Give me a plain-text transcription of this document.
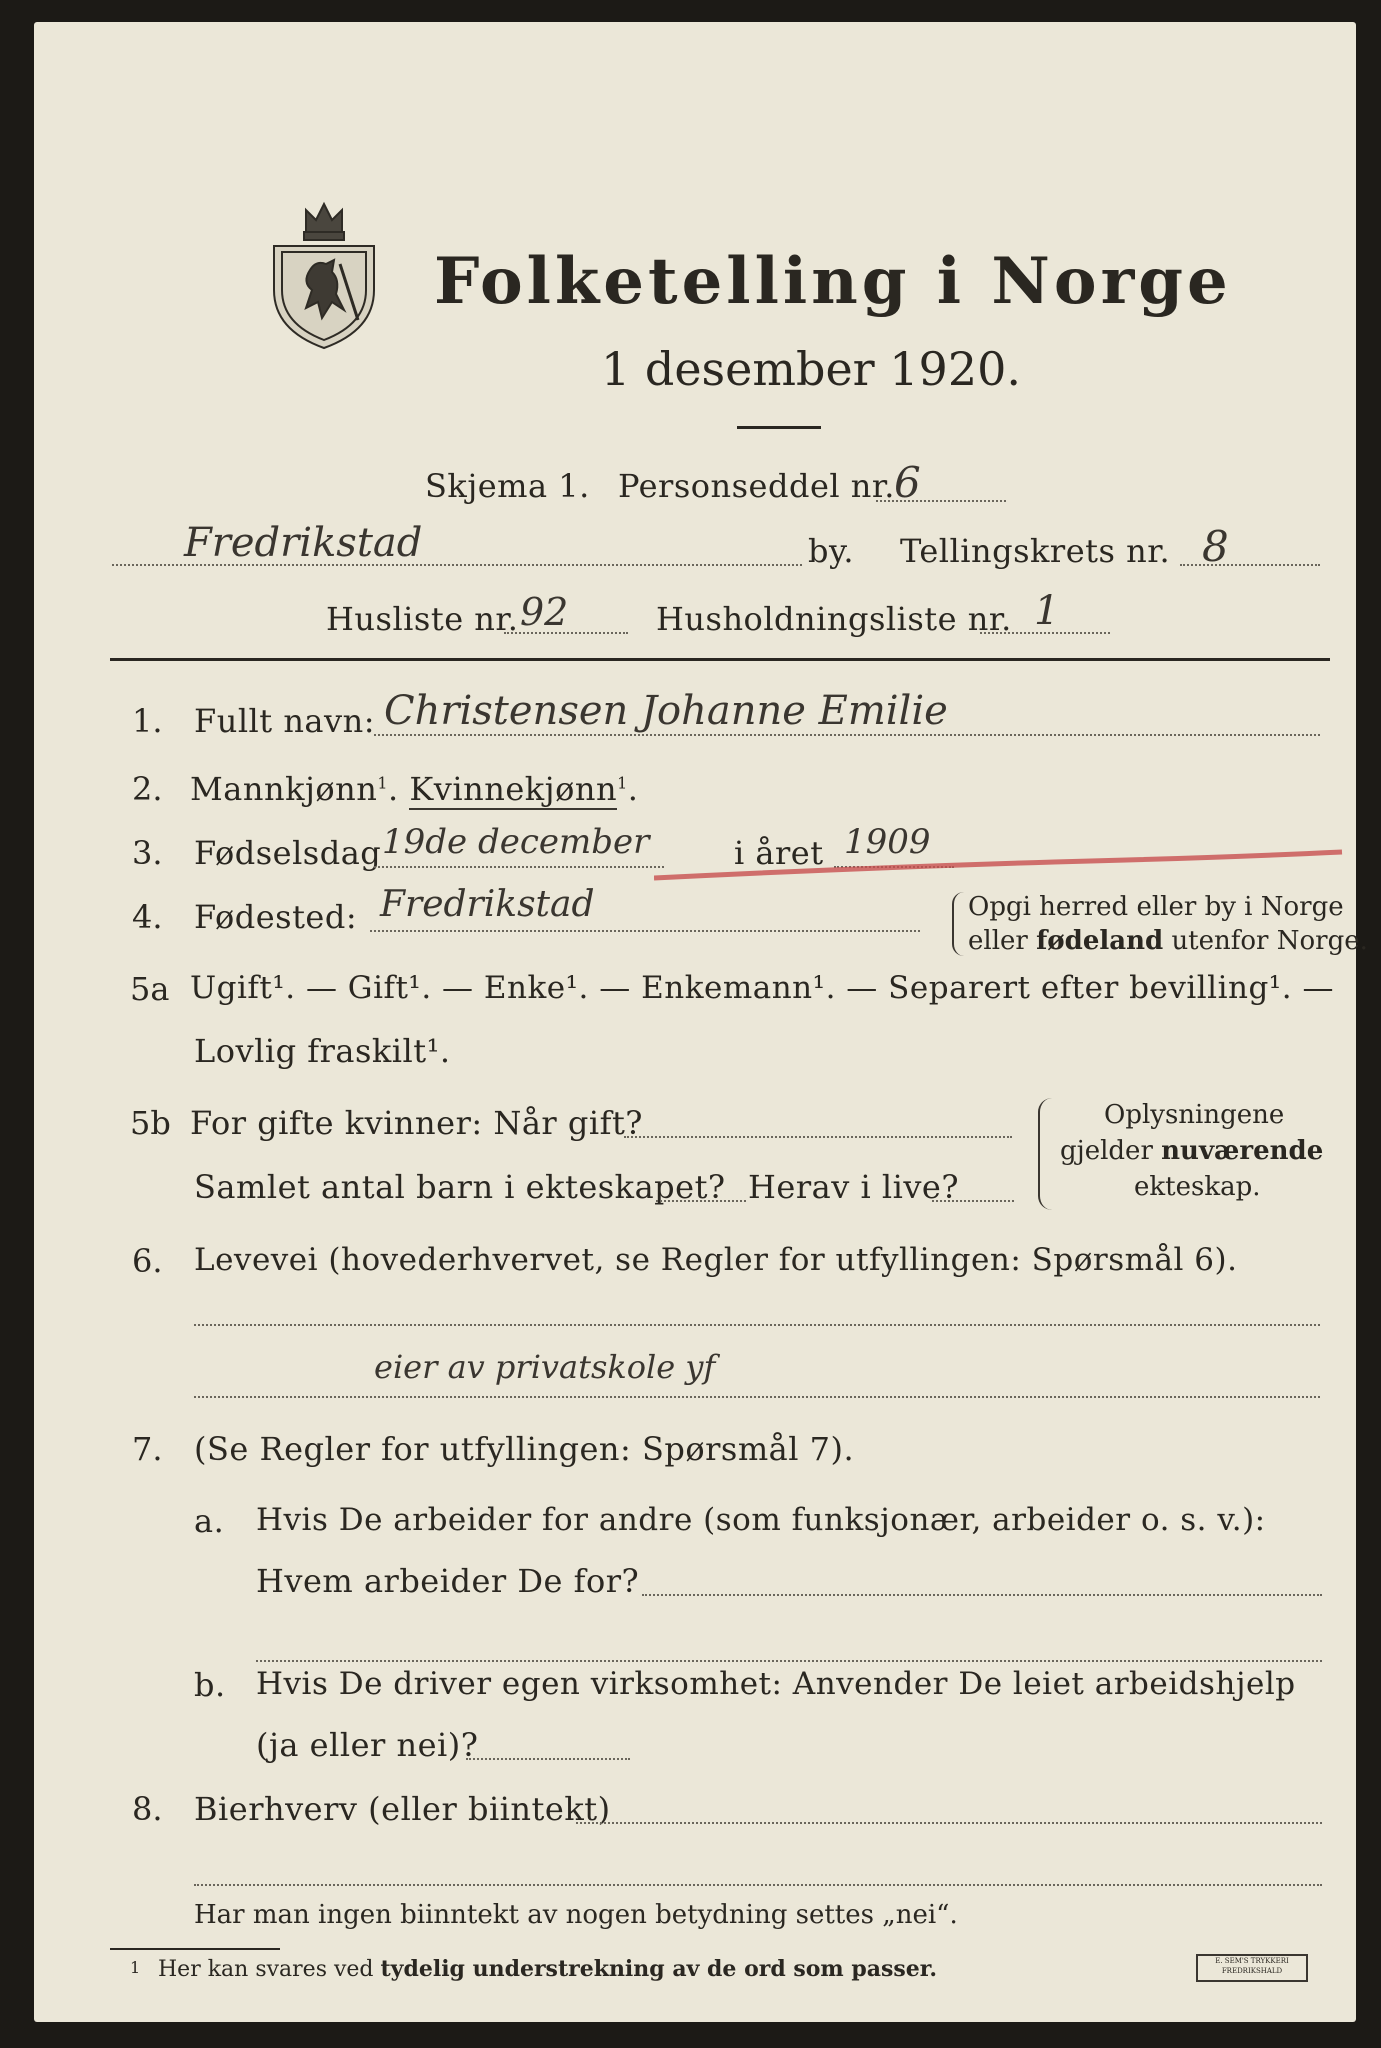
Folketelling i Norge
1 desember 1920.
Skjema 1. Personseddel nr. 6
Fredrikstad	by. Tellingskrets nr. 8
Husliste nr. 92	Husholdningsliste nr. 1
1. Fullt navn: Christensen Johanne Emilie
2. Mannkjønn$^1$. Kvinnekjønn$^1$.
3. Fødselsdag 19de december	i året 1909
4. Fødested: Fredrikstad	Opgi herred eller by i Norge
eller fødeland utenfor Norge.
5a Ugift¹. — Gift¹. — Enke¹. — Enkemann¹. — Separert efter bevilling¹. —
Lovlig fraskilt¹.
5b For gifte kvinner: Når gift?
Samlet antal barn i ekteskapet? Herav i live?
Oplysningene
gjelder nuværende
ekteskap.
6. Levevei (hovederhvervet, se Regler for utfyllingen: Spørsmål 6).
eier av privatskole yf
7. (Se Regler for utfyllingen: Spørsmål 7).
a. Hvis De arbeider for andre (som funksjonær, arbeider o. s. v.):
Hvem arbeider De for?
b. Hvis De driver egen virksomhet: Anvender De leiet arbeidshjelp
(ja eller nei)?
8. Bierhverv (eller biintekt)
Har man ingen biinntekt av nogen betydning settes „nei“.
1 Her kan svares ved tydelig understrekning av de ord som passer.	E. SEM'S TRYKKERI
FREDRIKSHALD
